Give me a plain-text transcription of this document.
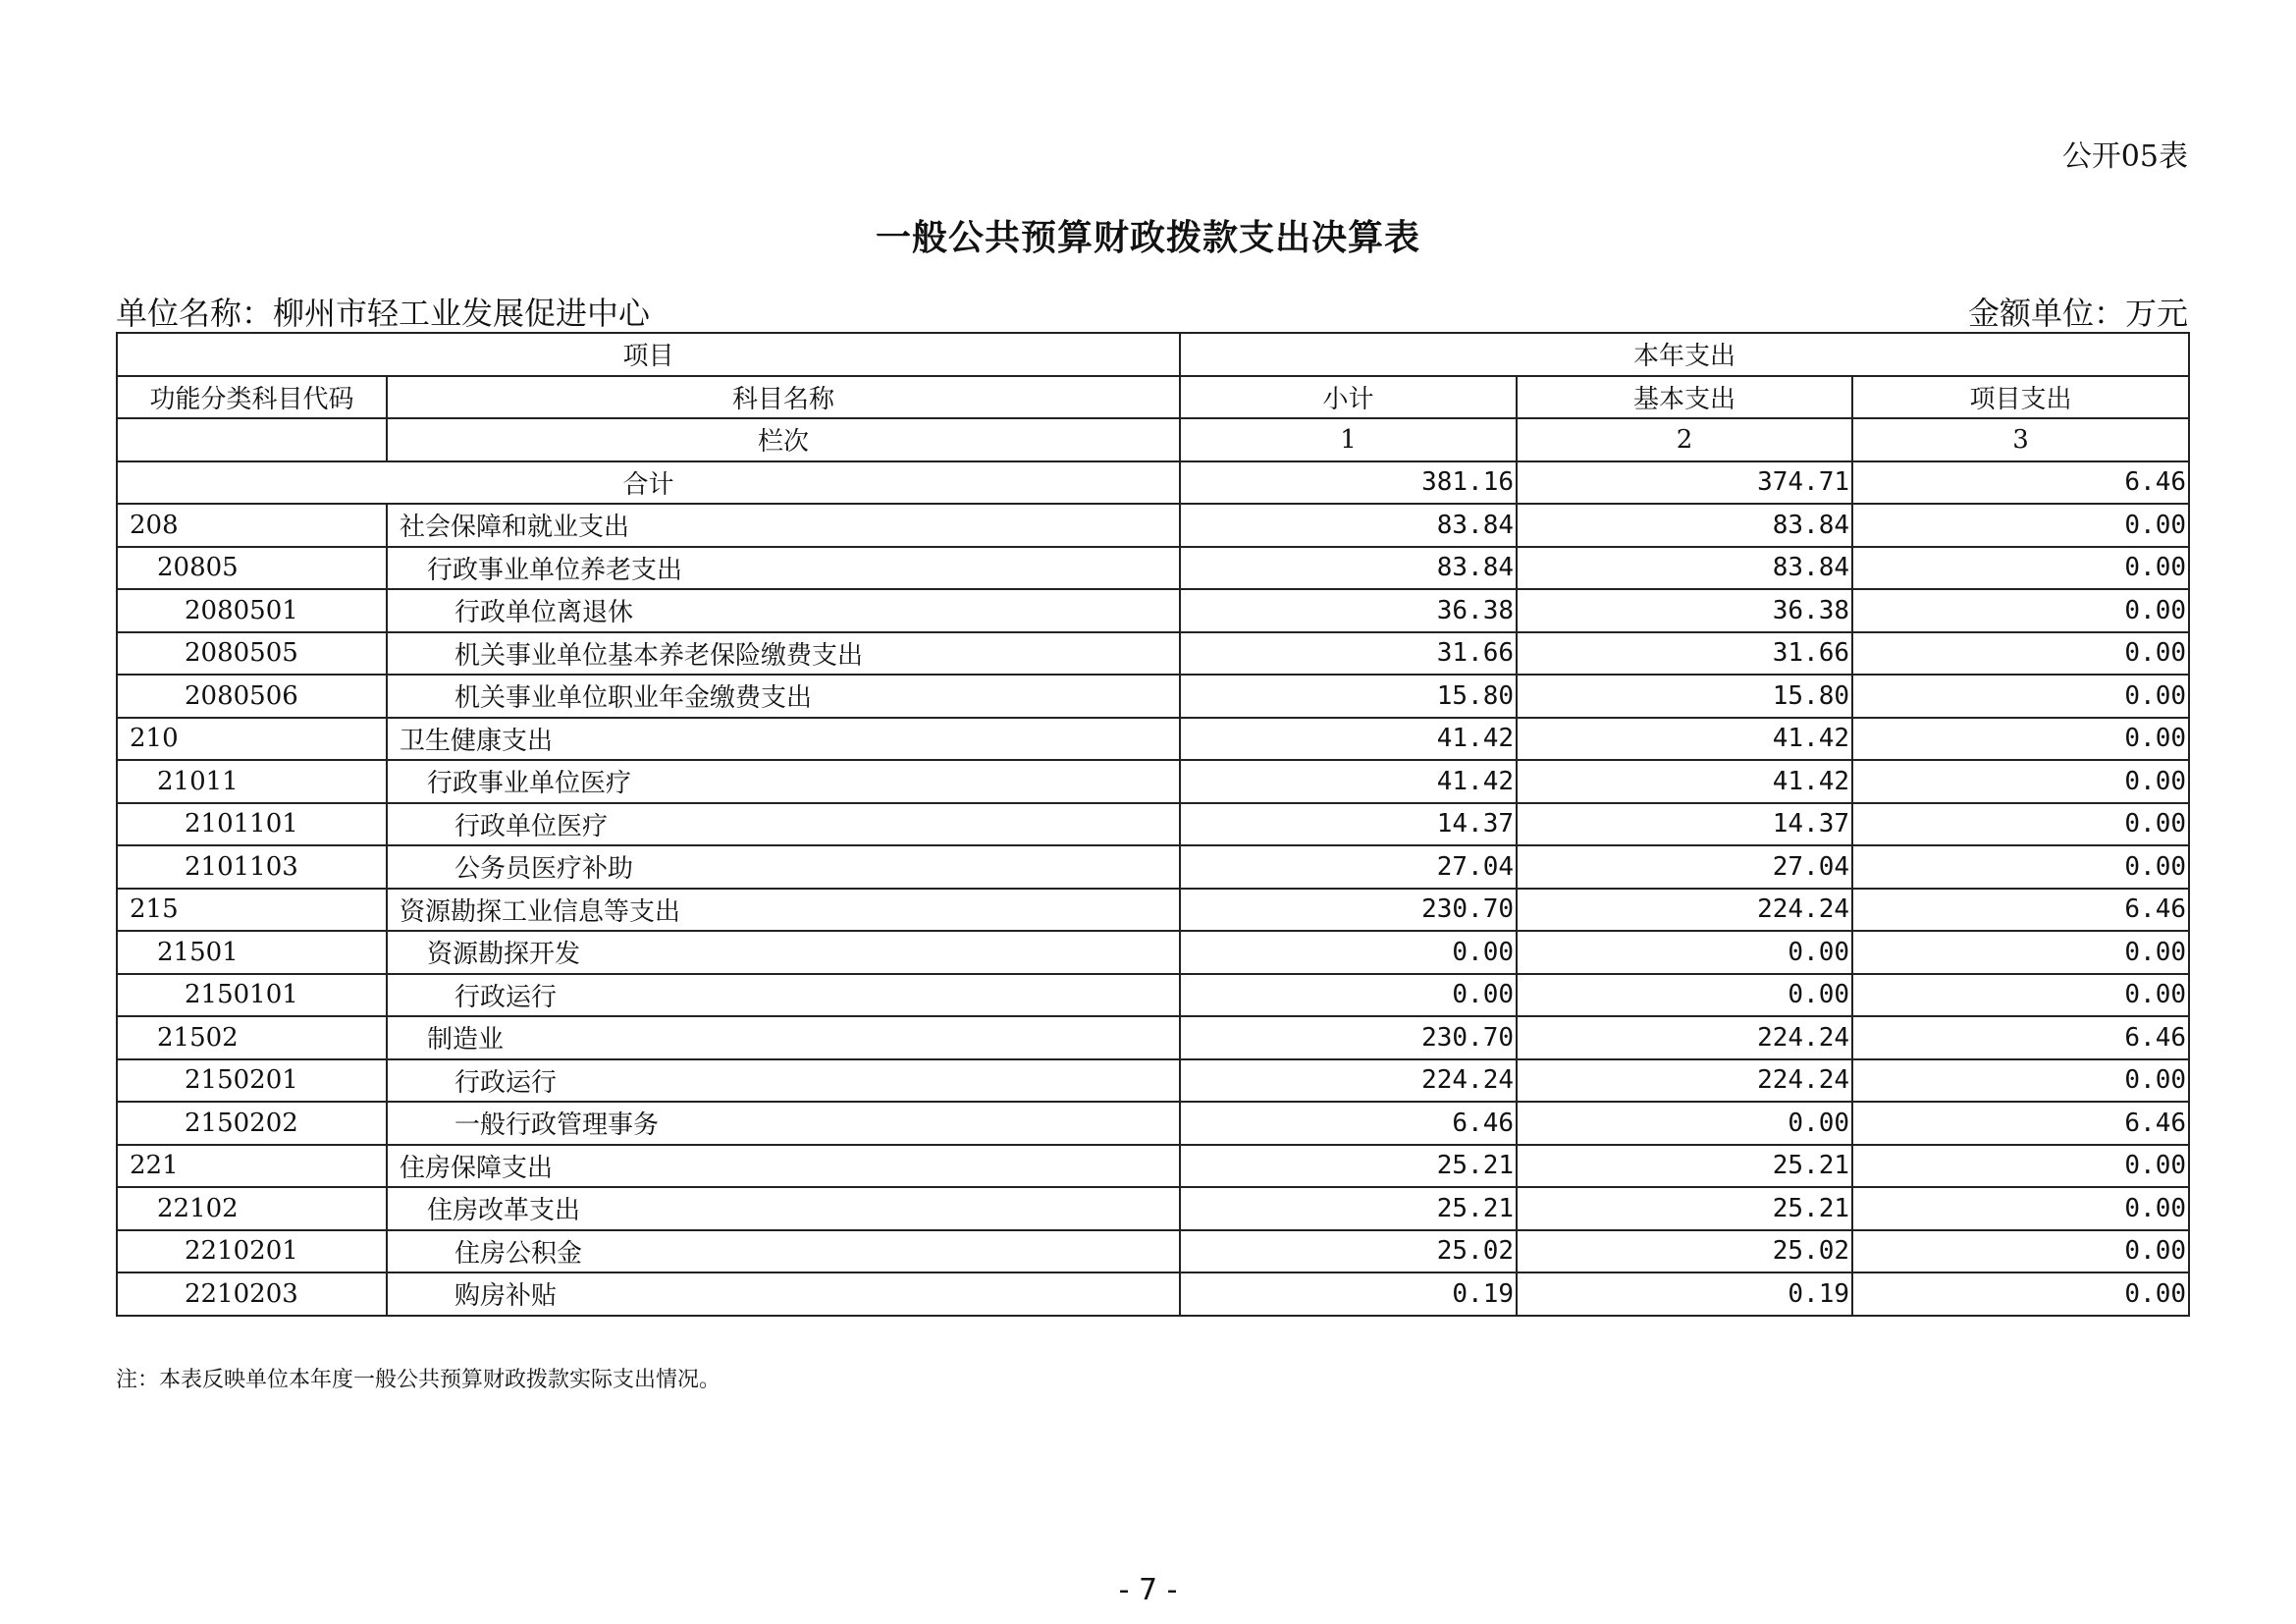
公开05表
一般公共预算财政拨款支出决算表
单位名称：柳州市轻工业发展促进中心	金额单位：万元
项目		本年支出		
功能分类科目代码	科目名称	小计	基本支出	项目支出
	栏次	1	2	3
合计		381.16	374.71	6.46
208	社会保障和就业支出	83.84	83.84	0.00
20805	行政事业单位养老支出	83.84	83.84	0.00
2080501	行政单位离退休	36.38	36.38	0.00
2080505	机关事业单位基本养老保险缴费支出	31.66	31.66	0.00
2080506	机关事业单位职业年金缴费支出	15.80	15.80	0.00
210	卫生健康支出	41.42	41.42	0.00
21011	行政事业单位医疗	41.42	41.42	0.00
2101101	行政单位医疗	14.37	14.37	0.00
2101103	公务员医疗补助	27.04	27.04	0.00
215	资源勘探工业信息等支出	230.70	224.24	6.46
21501	资源勘探开发	0.00	0.00	0.00
2150101	行政运行	0.00	0.00	0.00
21502	制造业	230.70	224.24	6.46
2150201	行政运行	224.24	224.24	0.00
2150202	一般行政管理事务	6.46	0.00	6.46
221	住房保障支出	25.21	25.21	0.00
22102	住房改革支出	25.21	25.21	0.00
2210201	住房公积金	25.02	25.02	0.00
2210203	购房补贴	0.19	0.19	0.00
注：本表反映单位本年度一般公共预算财政拨款实际支出情况。
- 7 -
